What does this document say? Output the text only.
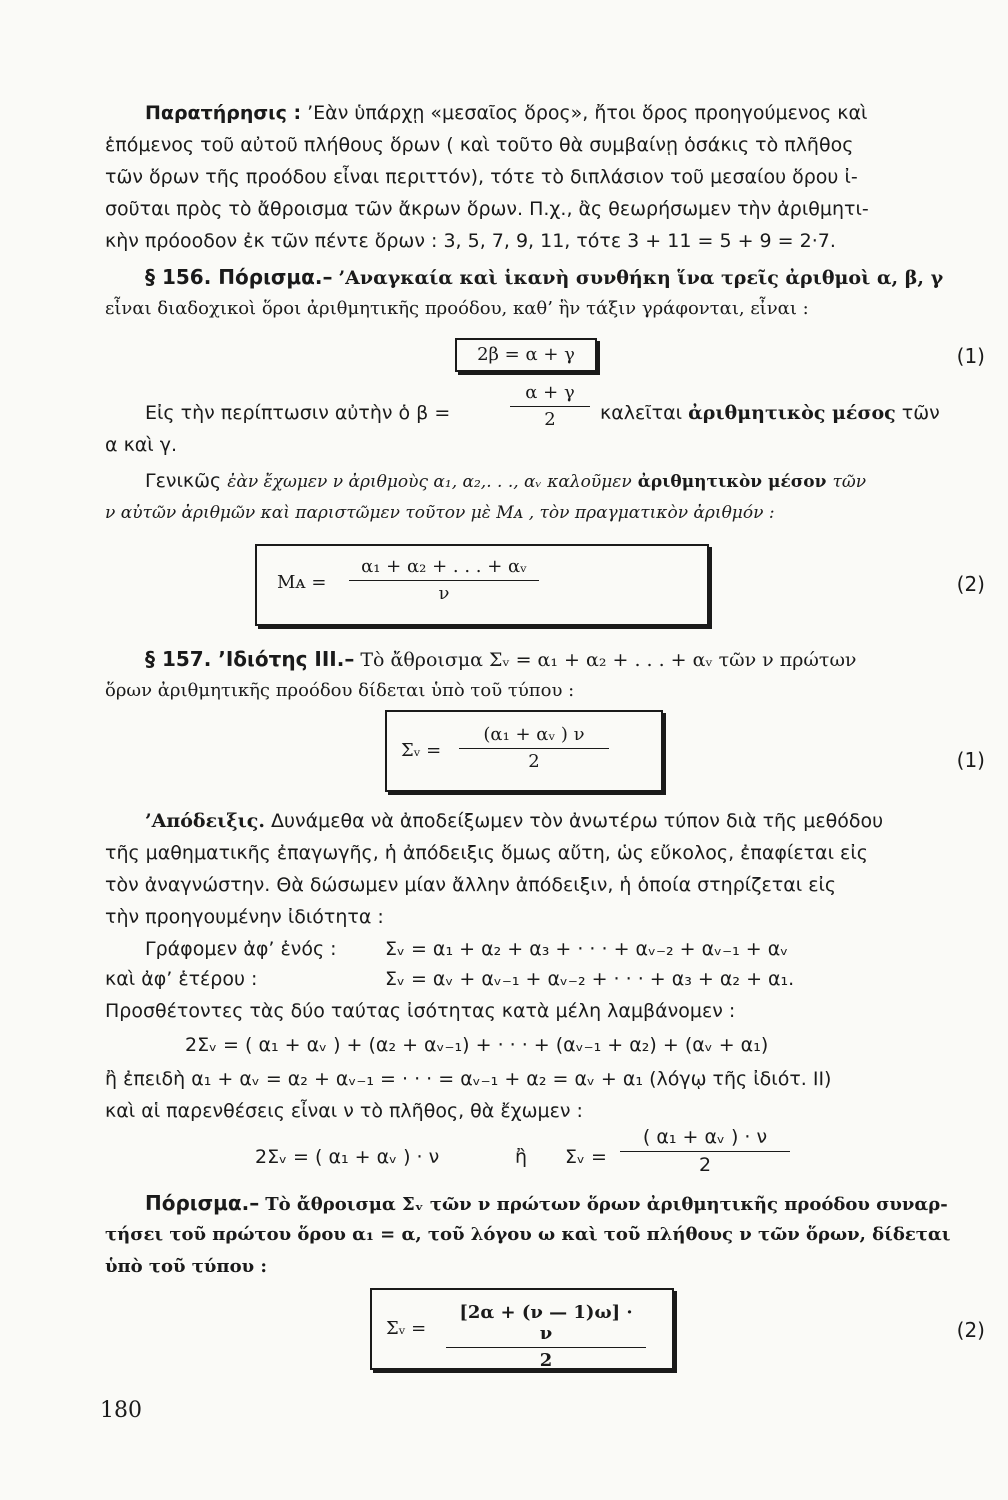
Παρατήρησις : ’Εὰν ὑπάρχῃ «μεσαῖος ὅρος», ἤτοι ὅρος προηγούμενος καὶ
ἑπόμενος τοῦ αὐτοῦ πλήθους ὅρων ( καὶ τοῦτο θὰ συμβαίνῃ ὁσάκις τὸ πλῆθος
τῶν ὅρων τῆς προόδου εἶναι περιττόν), τότε τὸ διπλάσιον τοῦ μεσαίου ὅρου ἰ-
σοῦται πρὸς τὸ ἄθροισμα τῶν ἄκρων ὅρων. Π.χ., ἂς θεωρήσωμεν τὴν ἀριθμητι-
κὴν πρόοοδον ἐκ τῶν πέντε ὅρων : 3, 5, 7, 9, 11, τότε 3 + 11 = 5 + 9 = 2·7.
§ 156. Πόρισμα.– ’Αναγκαία καὶ ἱκανὴ συνθήκη ἵνα τρεῖς ἀριθμοὶ α, β, γ
εἶναι διαδοχικοὶ ὅροι ἀριθμητικῆς προόδου, καθ’ ἣν τάξιν γράφονται, εἶναι :
2β = α + γ	(1)
Εἰς τὴν περίπτωσιν αὐτὴν ὁ β =	$\frac{\alpha + \gamma}{2}$ καλεῖται ἀριθμητικὸς μέσος τῶν
α καὶ γ.
Γενικῶς ἐὰν ἔχωμεν ν ἀριθμοὺς α₁, α₂,. . ., αᵥ καλοῦμεν ἀριθμητικὸν μέσον τῶν
ν αὐτῶν ἀριθμῶν καὶ παριστῶμεν τοῦτον μὲ Mᴀ , τὸν πραγματικὸν ἀριθμόν :
Mᴀ = $\frac{\text{α₁ + α₂ + . . . + αᵥ}}{\nu}$	(2)
§ 157. ’Ιδιότης ΙΙΙ.– Τὸ ἄθροισμα Σᵥ = α₁ + α₂ + . . . + αᵥ τῶν ν πρώτων
ὅρων ἀριθμητικῆς προόδου δίδεται ὑπὸ τοῦ τύπου :
Σᵥ = $\frac{\text{(α₁ + αᵥ ) ν}}{2}$	(1)
’Απόδειξις. Δυνάμεθα νὰ ἀποδείξωμεν τὸν ἀνωτέρω τύπον διὰ τῆς μεθόδου
τῆς μαθηματικῆς ἐπαγωγῆς, ἡ ἀπόδειξις ὅμως αὔτη, ὡς εὔκολος, ἐπαφίεται εἰς
τὸν ἀναγνώστην. Θὰ δώσωμεν μίαν ἄλλην ἀπόδειξιν, ἡ ὁποία στηρίζεται εἰς
τὴν προηγουμένην ἰδιότητα :
Γράφομεν ἀφ’ ἑνός :	Σᵥ = α₁ + α₂ + α₃ + · · · + αᵥ₋₂ + αᵥ₋₁ + αᵥ
καὶ ἀφ’ ἑτέρου :	Σᵥ = αᵥ + αᵥ₋₁ + αᵥ₋₂ + · · · + α₃ + α₂ + α₁.
Προσθέτοντες τὰς δύο ταύτας ἰσότητας κατὰ μέλη λαμβάνομεν :
2Σᵥ = ( α₁ + αᵥ ) + (α₂ + αᵥ₋₁) + · · · + (αᵥ₋₁ + α₂) + (αᵥ + α₁)
ἢ ἐπειδὴ α₁ + αᵥ = α₂ + αᵥ₋₁ = · · · = αᵥ₋₁ + α₂ = αᵥ + α₁ (λόγῳ τῆς ἰδιότ. ΙΙ)
καὶ αἱ παρενθέσεις εἶναι ν τὸ πλῆθος, θὰ ἔχωμεν :
2Σᵥ = ( α₁ + αᵥ ) · ν	ἢ Σᵥ = $\frac{\text{( α₁ + αᵥ ) · ν}}{2}$
Πόρισμα.– Τὸ ἄθροισμα Σᵥ τῶν ν πρώτων ὅρων ἀριθμητικῆς προόδου συναρ-
τήσει τοῦ πρώτου ὅρου α₁ = α, τοῦ λόγου ω καὶ τοῦ πλήθους ν τῶν ὅρων, δίδεται
ὑπὸ τοῦ τύπου :
Σᵥ = $\frac{[2\alpha + (\nu — 1)\omega] \cdot \nu}{2}$	(2)
180
